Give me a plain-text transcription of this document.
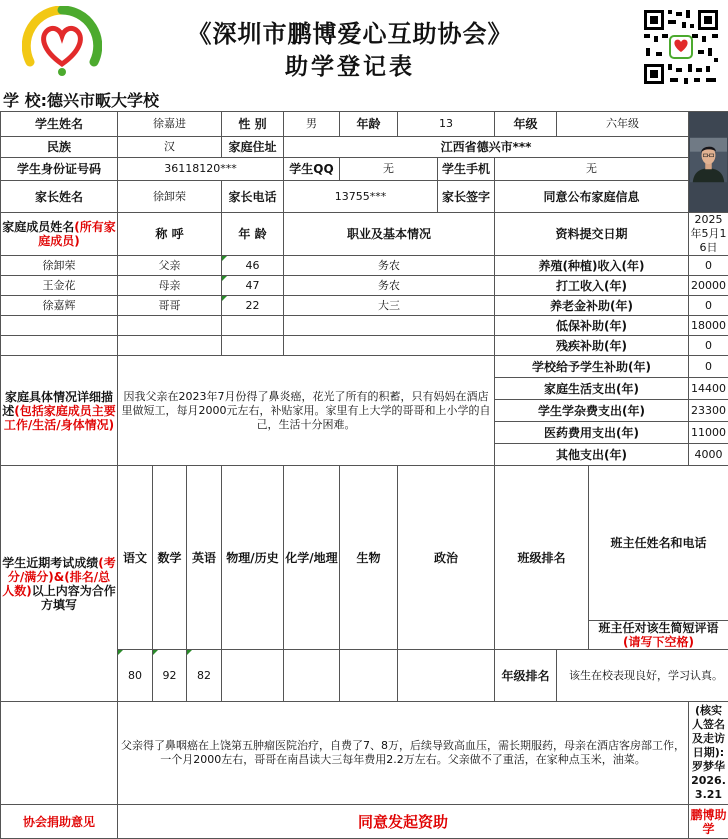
《深圳市鹏博爱心互助协会》
助学登记表
学 校:德兴市畈大学校
学生姓名	徐嘉进			性 别	男	年龄	13		年级	六年级	
民族	汉			家庭住址	江西省德兴市***								
学生身份证号码	36118120***				学生QQ	无		学生手机	无				
家长姓名	徐卸荣			家长电话	13755***			家长签字	同意公布家庭信息				
家庭成员姓名(所有家庭成员)	称 呼			年 龄	职业及基本情况				资料提交日期			2025年5月16日	
徐卸荣	父亲			46	务农				养殖(种植)收入(年)			0	
王金花	母亲			47	务农				打工收入(年)			20000	
徐嘉辉	哥哥			22	大三				养老金补助(年)			0	
									低保补助(年)			18000	
									残疾补助(年)			0	
家庭具体情况详细描述(包括家庭成员主要工作/生活/身体情况)	因我父亲在2023年7月份得了鼻炎癌，花光了所有的积蓄，只有妈妈在酒店里做短工，每月2000元左右，补贴家用。家里有上大学的哥哥和上小学的自己，生活十分困难。								学校给予学生补助(年)			0	
									家庭生活支出(年)			14400	
									学生学杂费支出(年)			23300	
									医药费用支出(年)			11000	
									其他支出(年)			4000	
学生近期考试成绩(考分/满分)&(排名/总人数)以上内容为合作方填写	语文	数学	英语	物理/历史	化学/地理	生物	政治		班级排名		班主任姓名和电话	
											班主任对该生简短评语(请写下空格)		
	80	92	82						年级排名	该生在校表现良好，学习认真。			
	父亲得了鼻咽癌在上饶第五肿瘤医院治疗，自费了7、8万，后续导致高血压，需长期服药，母亲在酒店客房部工作，一个月2000左右，哥哥在南昌读大三每年费用2.2万左右。父亲做不了重活，在家种点玉米，油菜。											(核实人签名及走访日期):
罗梦华
2026.3.21	
协会捐助意见	同意发起资助											鹏博助学	
